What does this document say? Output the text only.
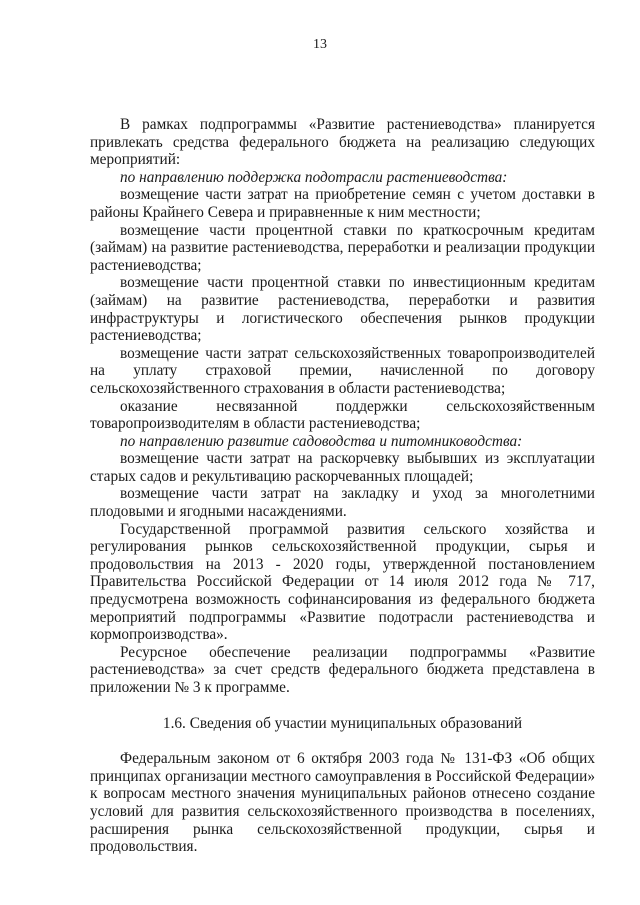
13
В рамках подпрограммы «Развитие растениеводства» планируется привлекать средства федерального бюджета на реализацию следующих мероприятий:
по направлению поддержка подотрасли растениеводства:
возмещение части затрат на приобретение семян с учетом доставки в районы Крайнего Севера и приравненные к ним местности;
возмещение части процентной ставки по краткосрочным кредитам (займам) на развитие растениеводства, переработки и реализации продукции растениеводства;
возмещение части процентной ставки по инвестиционным кредитам (займам) на развитие растениеводства, переработки и развития инфраструктуры и логистического обеспечения рынков продукции растениеводства;
возмещение части затрат сельскохозяйственных товаропроизводителей на уплату страховой премии, начисленной по договору сельскохозяйственного страхования в области растениеводства;
оказание несвязанной поддержки сельскохозяйственным товаропроизводителям в области растениеводства;
по направлению развитие садоводства и питомниководства:
возмещение части затрат на раскорчевку выбывших из эксплуатации старых садов и рекультивацию раскорчеванных площадей;
возмещение части затрат на закладку и уход за многолетними плодовыми и ягодными насаждениями.
Государственной программой развития сельского хозяйства и регулирования рынков сельскохозяйственной продукции, сырья и продовольствия на 2013 - 2020 годы, утвержденной постановлением Правительства Российской Федерации от 14 июля 2012 года № 717, предусмотрена возможность софинансирования из федерального бюджета мероприятий подпрограммы «Развитие подотрасли растениеводства и кормопроизводства».
Ресурсное обеспечение реализации подпрограммы «Развитие растениеводства» за счет средств федерального бюджета представлена в приложении № 3 к программе.
1.6. Сведения об участии муниципальных образований
Федеральным законом от 6 октября 2003 года № 131-ФЗ «Об общих принципах организации местного самоуправления в Российской Федерации» к вопросам местного значения муниципальных районов отнесено создание условий для развития сельскохозяйственного производства в поселениях, расширения рынка сельскохозяйственной продукции, сырья и продовольствия.
